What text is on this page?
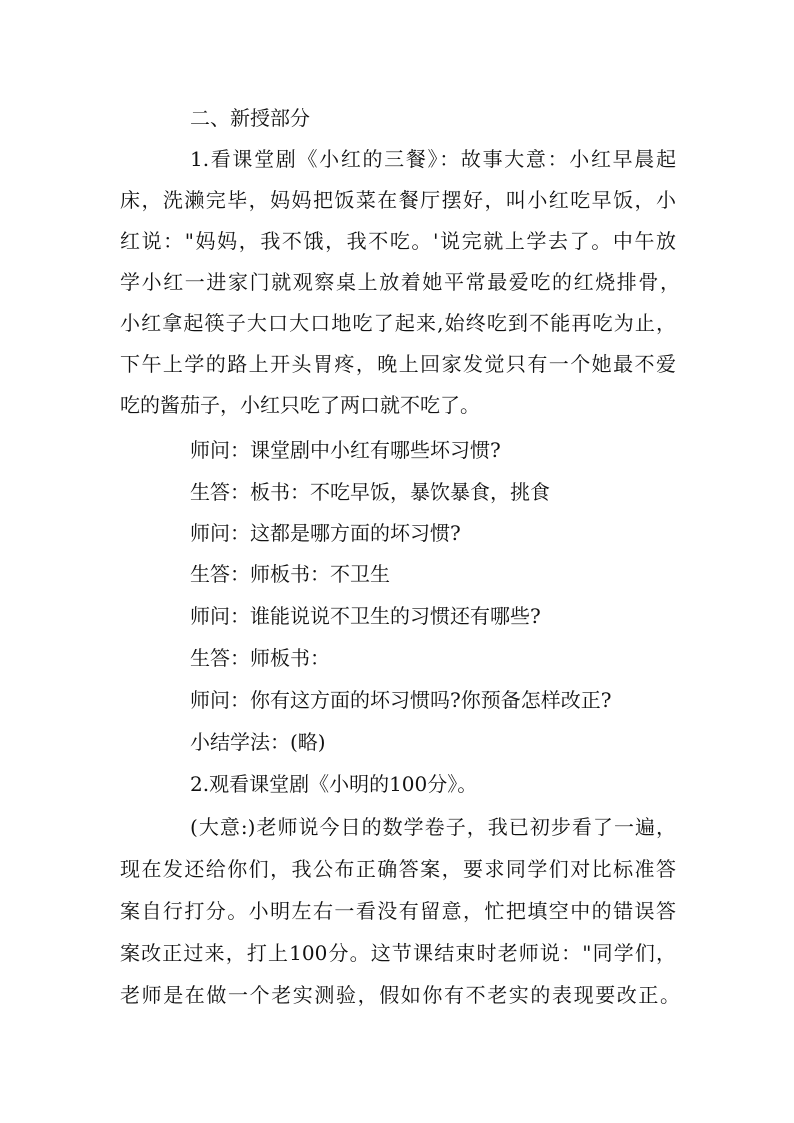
二、新授部分
1.看课堂剧《小红的三餐》：故事大意：小红早晨起
床，洗濑完毕，妈妈把饭菜在餐厅摆好，叫小红吃早饭，小
红说："妈妈，我不饿，我不吃。'说完就上学去了。中午放
学小红一进家门就观察桌上放着她平常最爱吃的红烧排骨，
小红拿起筷子大口大口地吃了起来,始终吃到不能再吃为止，
下午上学的路上开头胃疼，晚上回家发觉只有一个她最不爱
吃的酱茄子，小红只吃了两口就不吃了。
师问：课堂剧中小红有哪些坏习惯?
生答：板书：不吃早饭，暴饮暴食，挑食
师问：这都是哪方面的坏习惯?
生答：师板书：不卫生
师问：谁能说说不卫生的习惯还有哪些?
生答：师板书：
师问：你有这方面的坏习惯吗?你预备怎样改正?
小结学法：(略)
2.观看课堂剧《小明的100分》。
(大意:)老师说今日的数学卷子，我已初步看了一遍，
现在发还给你们，我公布正确答案，要求同学们对比标准答
案自行打分。小明左右一看没有留意，忙把填空中的错误答
案改正过来，打上100分。这节课结束时老师说："同学们，
老师是在做一个老实测验，假如你有不老实的表现要改正。
